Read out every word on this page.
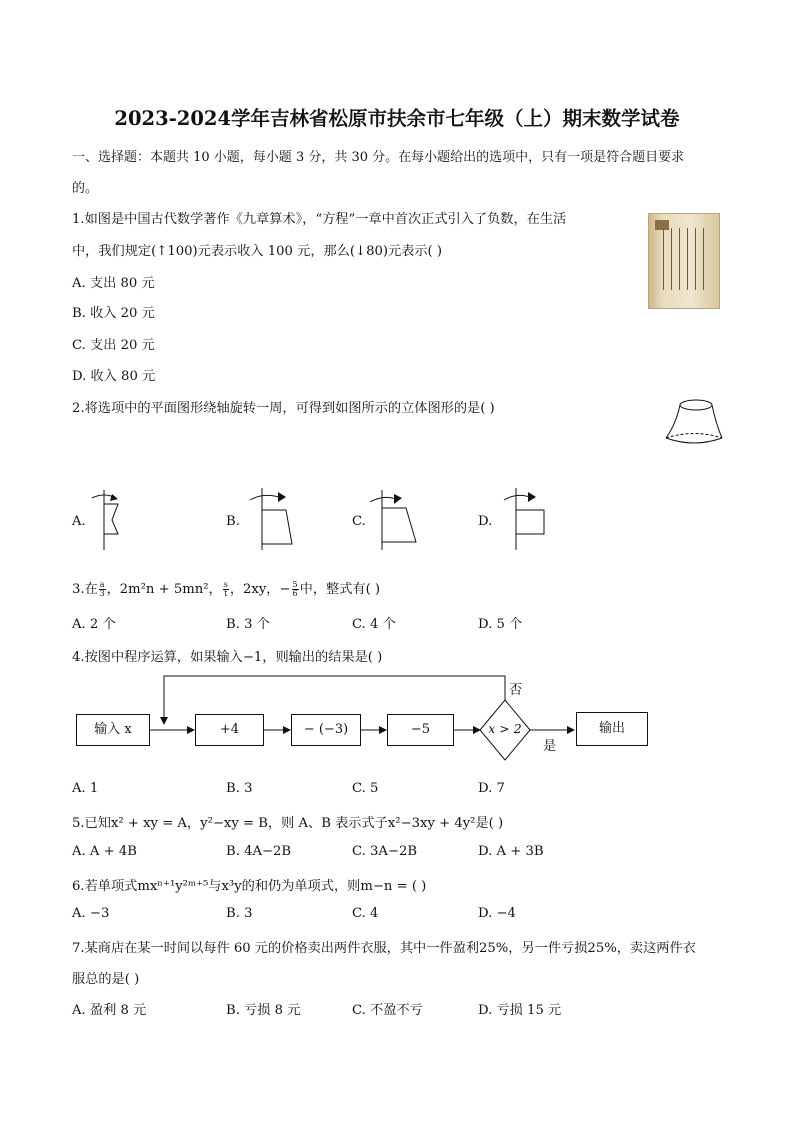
2023-2024学年吉林省松原市扶余市七年级（上）期末数学试卷
一、选择题：本题共 10 小题，每小题 3 分，共 30 分。在每小题给出的选项中，只有一项是符合题目要求
的。
1.如图是中国古代数学著作《九章算术》，“方程”一章中首次正式引入了负数，在生活
中，我们规定(↑100)元表示收入 100 元，那么(↓80)元表示( )
A. 支出 80 元
B. 收入 20 元
C. 支出 20 元
D. 收入 80 元
2.将选项中的平面图形绕轴旋转一周，可得到如图所示的立体图形的是( )
A.	B.	C.	D.
3.在 $\frac{a}{3}$ ，2m²n + 5mn²， $\frac{s}{t}$ ，2xy，− $\frac{5}{6}$ 中，整式有( )
A. 2 个	B. 3 个	C. 4 个	D. 5 个
4.按图中程序运算，如果输入−1，则输出的结果是( )
输入 x	+4	− (−3)	−5	x > 2	输出
否
是
A. 1	B. 3	C. 5	D. 7
5.已知x² + xy = A，y²−xy = B，则 A、B 表示式子x²−3xy + 4y²是( )
A. A + 4B	B. 4A−2B	C. 3A−2B	D. A + 3B
6.若单项式mxⁿ⁺¹y²ᵐ⁺⁵与x³y的和仍为单项式，则m−n = ( )
A. −3	B. 3	C. 4	D. −4
7.某商店在某一时间以每件 60 元的价格卖出两件衣服，其中一件盈利25%，另一件亏损25%，卖这两件衣
服总的是( )
A. 盈利 8 元	B. 亏损 8 元	C. 不盈不亏	D. 亏损 15 元
